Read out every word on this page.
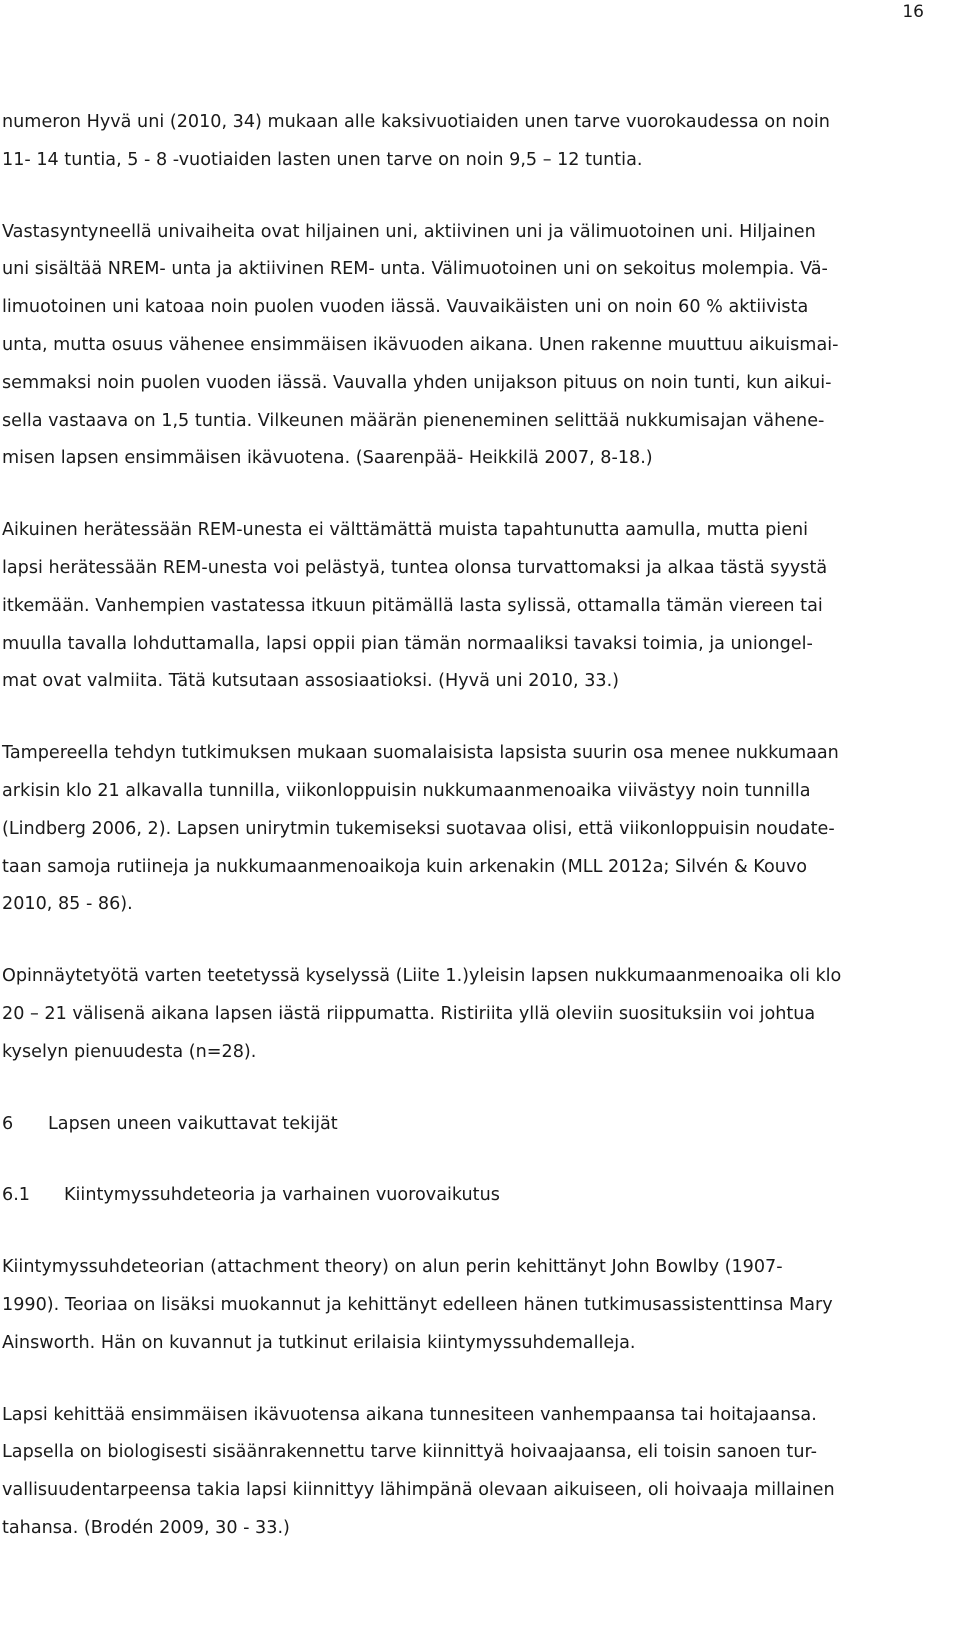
16
numeron Hyvä uni (2010, 34) mukaan alle kaksivuotiaiden unen tarve vuorokaudessa on noin
11- 14 tuntia, 5 - 8 -vuotiaiden lasten unen tarve on noin 9,5 – 12 tuntia.
Vastasyntyneellä univaiheita ovat hiljainen uni, aktiivinen uni ja välimuotoinen uni. Hiljainen
uni sisältää NREM- unta ja aktiivinen REM- unta. Välimuotoinen uni on sekoitus molempia. Vä-
limuotoinen uni katoaa noin puolen vuoden iässä. Vauvaikäisten uni on noin 60 % aktiivista
unta, mutta osuus vähenee ensimmäisen ikävuoden aikana. Unen rakenne muuttuu aikuismai-
semmaksi noin puolen vuoden iässä. Vauvalla yhden unijakson pituus on noin tunti, kun aikui-
sella vastaava on 1,5 tuntia. Vilkeunen määrän pieneneminen selittää nukkumisajan vähene-
misen lapsen ensimmäisen ikävuotena. (Saarenpää- Heikkilä 2007, 8-18.)
Aikuinen herätessään REM-unesta ei välttämättä muista tapahtunutta aamulla, mutta pieni
lapsi herätessään REM-unesta voi pelästyä, tuntea olonsa turvattomaksi ja alkaa tästä syystä
itkemään. Vanhempien vastatessa itkuun pitämällä lasta sylissä, ottamalla tämän viereen tai
muulla tavalla lohduttamalla, lapsi oppii pian tämän normaaliksi tavaksi toimia, ja uniongel-
mat ovat valmiita. Tätä kutsutaan assosiaatioksi. (Hyvä uni 2010, 33.)
Tampereella tehdyn tutkimuksen mukaan suomalaisista lapsista suurin osa menee nukkumaan
arkisin klo 21 alkavalla tunnilla, viikonloppuisin nukkumaanmenoaika viivästyy noin tunnilla
(Lindberg 2006, 2). Lapsen unirytmin tukemiseksi suotavaa olisi, että viikonloppuisin noudate-
taan samoja rutiineja ja nukkumaanmenoaikoja kuin arkenakin (MLL 2012a; Silvén & Kouvo
2010, 85 - 86).
Opinnäytetyötä varten teetetyssä kyselyssä (Liite 1.)yleisin lapsen nukkumaanmenoaika oli klo
20 – 21 välisenä aikana lapsen iästä riippumatta. Ristiriita yllä oleviin suosituksiin voi johtua
kyselyn pienuudesta (n=28).
6 Lapsen uneen vaikuttavat tekijät
6.1 Kiintymyssuhdeteoria ja varhainen vuorovaikutus
Kiintymyssuhdeteorian (attachment theory) on alun perin kehittänyt John Bowlby (1907-
1990). Teoriaa on lisäksi muokannut ja kehittänyt edelleen hänen tutkimusassistenttinsa Mary
Ainsworth. Hän on kuvannut ja tutkinut erilaisia kiintymyssuhdemalleja.
Lapsi kehittää ensimmäisen ikävuotensa aikana tunnesiteen vanhempaansa tai hoitajaansa.
Lapsella on biologisesti sisäänrakennettu tarve kiinnittyä hoivaajaansa, eli toisin sanoen tur-
vallisuudentarpeensa takia lapsi kiinnittyy lähimpänä olevaan aikuiseen, oli hoivaaja millainen
tahansa. (Brodén 2009, 30 - 33.)
